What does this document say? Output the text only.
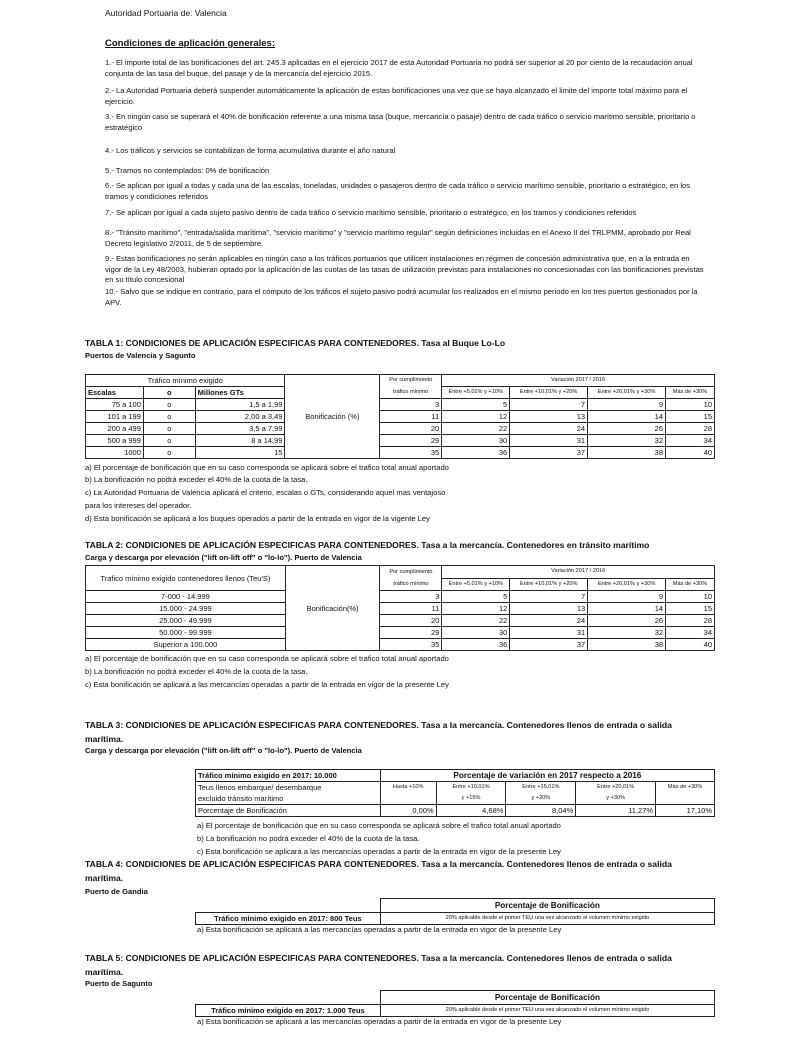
Autoridad Portuaria de: Valencia
Condiciones de aplicación generales:
1.- El importe total de las bonificaciones del art. 245.3 aplicadas en el ejercicio 2017 de esta Autoridad Portuaria no podrá ser superior al 20 por ciento de la recaudación anual conjunta de las tasa del buque, del pasaje y de la mercancía del ejercicio 2015.
2.- La Autoridad Portuaria deberá suspender automáticamente la aplicación de estas bonificaciones una vez que se haya alcanzado el limite del importe total máximo para el ejercicio.
3.- En ningún caso se superará el 40% de bonificación referente a una misma tasa (buque, mercancía o pasaje) dentro de cada tráfico o servicio marítimo sensible, prioritario o estratégico
4.- Los tráficos y servicios se contabilizan de forma acumulativa durante el año natural
5.- Tramos no contemplados: 0% de bonificación
6.- Se aplican por igual a todas y cada una de las escalas, toneladas, unidades o pasajeros dentro de cada tráfico o servicio marítimo sensible, prioritario o estratégico, en los tramos y condiciones referidos
7.- Se aplican por igual a cada sujeto pasivo dentro de cada tráfico o servicio marítimo sensible, prioritario o estratégico, en los tramos y condiciones referidos
8.- "Tránsito marítimo", "entrada/salida marítima", "servicio marítimo" y "servicio marítimo regular" según definiciones incluidas en el Anexo II del TRLPMM, aprobado por Real Decreto legislativo 2/2011, de 5 de septiembre.
9.- Estas bonificaciones no serán aplicables en ningún caso a los tráficos portuarios que utilicen instalaciones en régimen de concesión administrativa que, en a la entrada en vigor de la Ley 48/2003, hubieran optado por la aplicación de las cuotas de las tasas de utilización previstas para instalaciones no concesionadas con las bonificaciones previstas en su título concesional
10.- Salvo que se indique en contrario, para el cómputo de los tráficos el sujeto pasivo podrá acumular los realizados en el mismo periodo en los tres puertos gestionados por la APV.
TABLA 1: CONDICIONES DE APLICACIÓN ESPECIFICAS PARA CONTENEDORES. Tasa al Buque Lo-Lo
Puertos de Valencia y Sagunto
Tráfico mínimo exigido			Bonificación (%)	Por cumplimiento	Variación 2017 / 2016			
Escalas	o	Millones GTs		tráfico mínimo	Entre +5,01% y +10%	Entre +10,01% y +20%	Entre +20,01% y +30%	Más de +30%
75 a 100	o	1,5 a 1,99		3	5	7	9	10
101 a 199	o	2,00 a 3,49		11	12	13	14	15
200 a 499	o	3,5 a 7,99		20	22	24	26	28
500 a 999	o	8 a 14,99		29	30	31	32	34
1000	o	15		35	36	37	38	40
a) El porcentaje de bonificación que en su caso corresponda se aplicará sobre el trafico total anual aportado
b) La bonificación no podrá exceder el 40% de la cuota de la tasa.
c) La Autoridad Portuaria de Valencia aplicará el criterio, escalas o GTs, considerando aquel mas ventajoso
para los intereses del operador.
d) Esta bonificación se aplicará a los buques operados a partir de la entrada en vigor de la vigente Ley
TABLA 2: CONDICIONES DE APLICACIÓN ESPECIFICAS PARA CONTENEDORES. Tasa a la mercancía. Contenedores en tránsito marítimo
Carga y descarga por elevación ("lift on-lift off" o "lo-lo"). Puerto de Valencia
Trafico mínimo exigido contenedores llenos (Teu'S)	Bonificación(%)	Por cumplimiento	Variación 2017 / 2016			
		tráfico mínimo	Entre +5,01% y +10%	Entre +10,01% y +20%	Entre +20,01% y +30%	Más de +30%
7-000 - 14.999		3	5	7	9	10
15.000 - 24.999		11	12	13	14	15
25.000 - 49.999		20	22	24	26	28
50.000 - 99.999		29	30	31	32	34
Superior a 100.000		35	36	37	38	40
a) El porcentaje de bonificación que en su caso corresponda se aplicará sobre el trafico total anual aportado
b) La bonificación no podrá exceder el 40% de la cuota de la tasa.
c) Esta bonificación se aplicará a las mercancías operadas a partir de la entrada en vigor de la presente Ley
TABLA 3: CONDICIONES DE APLICACIÓN ESPECIFICAS PARA CONTENEDORES. Tasa a la mercancía. Contenedores llenos de entrada o salida
marítima.
Carga y descarga por elevación ("lift on-lift off" o "lo-lo"). Puerto de Valencia
Tráfico mínimo exigido en 2017: 10.000	Porcentaje de variación en 2017 respecto a 2016				
Teus llenos embarque/ desembarque	Hasta +10%	Entre +10,01%	Entre +15,01%	Entre +20,01%	Más de +30%
excluido tránsito marítimo		y +15%	y +20%	y +30%	
Porcentaje de Bonificación	0,00%	4,68%	8,04%	11,27%	17,10%
a) El porcentaje de bonificación que en su caso corresponda se aplicará sobre el trafico total anual aportado
b) La bonificación no podrá exceder el 40% de la cuota de la tasa.
c) Esta bonificación se aplicará a las mercancías operadas a partir de la entrada en vigor de la presente Ley
TABLA 4: CONDICIONES DE APLICACIÓN ESPECIFICAS PARA CONTENEDORES. Tasa a la mercancía. Contenedores llenos de entrada o salida
marítima.
Puerto de Gandia
	Porcentaje de Bonificación
Tráfico mínimo exigido en 2017: 800 Teus	20% aplicable desde el primer TEU una vez alcanzado el volumen mínimo exigido
a) Esta bonificación se aplicará a las mercancías operadas a partir de la entrada en vigor de la presente Ley
TABLA 5: CONDICIONES DE APLICACIÓN ESPECIFICAS PARA CONTENEDORES. Tasa a la mercancía. Contenedores llenos de entrada o salida
marítima.
Puerto de Sagunto
	Porcentaje de Bonificación
Tráfico mínimo exigido en 2017: 1.000 Teus	20% aplicable desde el primer TEU una vez alcanzado el volumen mínimo exigido
a) Esta bonificación se aplicará a las mercancías operadas a partir de la entrada en vigor de la presente Ley
